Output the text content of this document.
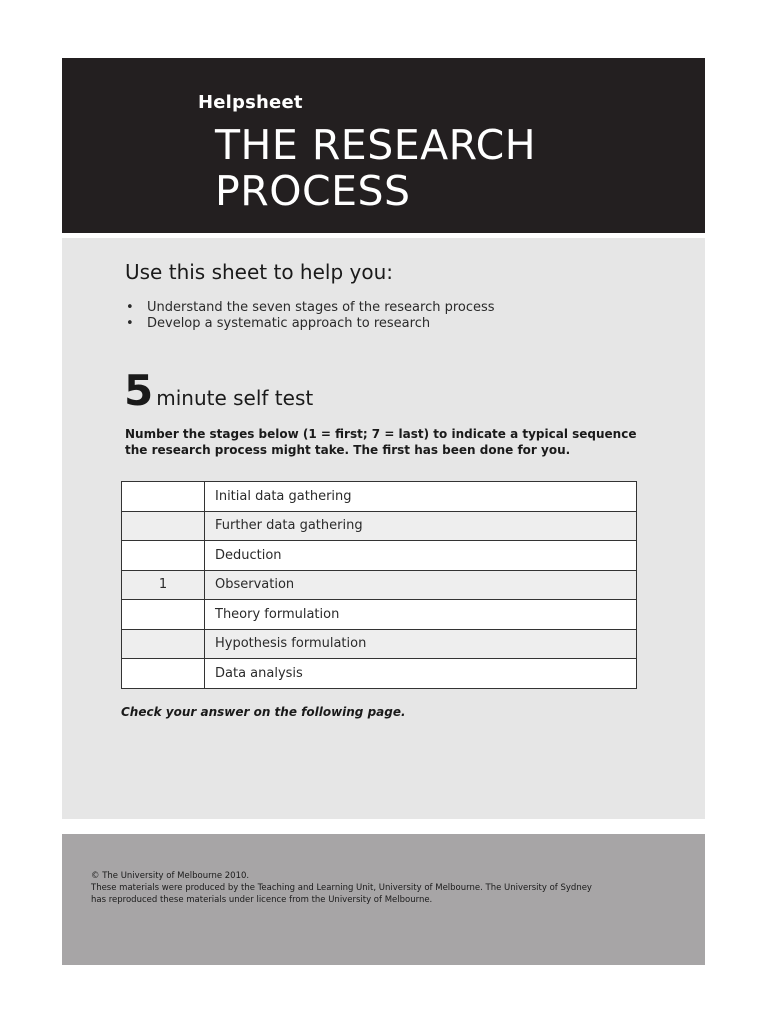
Helpsheet
THE RESEARCH
PROCESS
Use this sheet to help you:
• Understand the seven stages of the research process
• Develop a systematic approach to research
5 minute self test

Number the stages below (1 = first; 7 = last) to indicate a typical sequence the research process might take. The first has been done for you.

	Initial data gathering
	Further data gathering
	Deduction
1	Observation
	Theory formulation
	Hypothesis formulation
	Data analysis

Check your answer on the following page.

© The University of Melbourne 2010.
These materials were produced by the Teaching and Learning Unit, University of Melbourne. The University of Sydney
has reproduced these materials under licence from the University of Melbourne.
